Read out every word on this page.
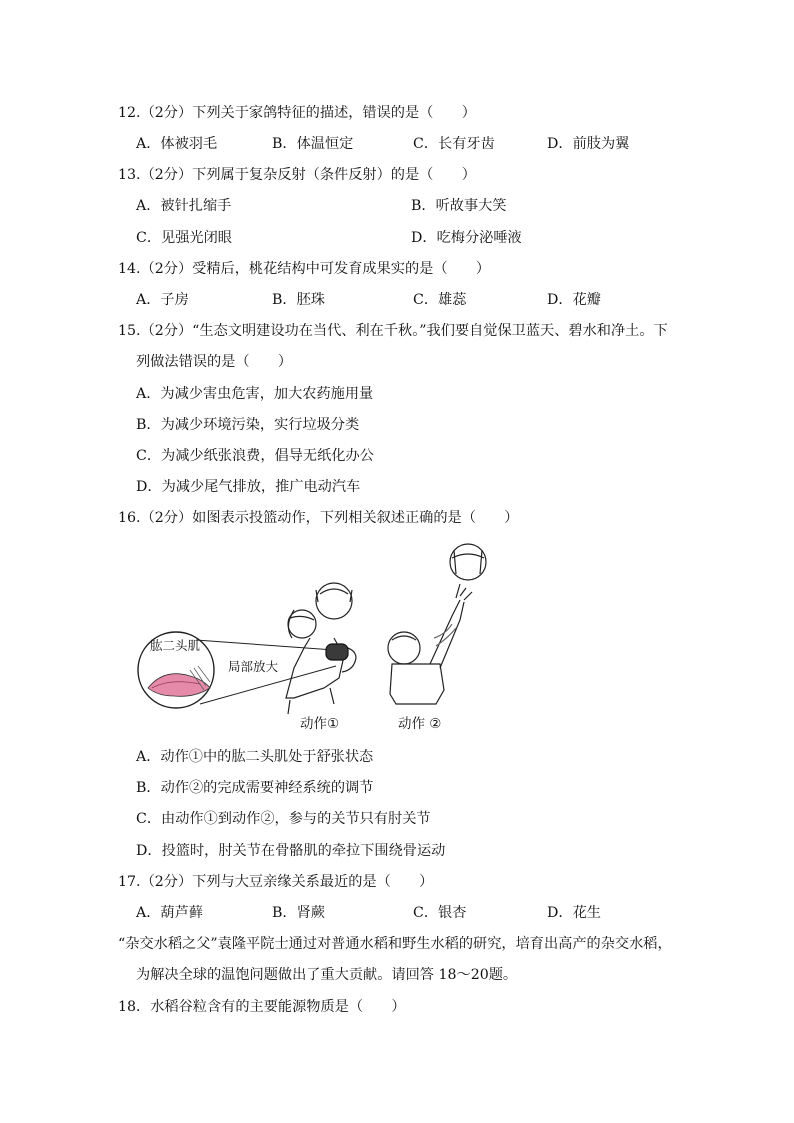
12.（2分）下列关于家鸽特征的描述，错误的是（　　）
A．体被羽毛	B．体温恒定	C．长有牙齿	D．前肢为翼
13.（2分）下列属于复杂反射（条件反射）的是（　　）
A．被针扎缩手	B．听故事大笑
C．见强光闭眼	D．吃梅分泌唾液
14.（2分）受精后，桃花结构中可发育成果实的是（　　）
A．子房	B．胚珠	C．雄蕊	D．花瓣
15.（2分）“生态文明建设功在当代、利在千秋。”我们要自觉保卫蓝天、碧水和净土。下
列做法错误的是（　　）
A．为减少害虫危害，加大农药施用量
B．为减少环境污染，实行垃圾分类
C．为减少纸张浪费，倡导无纸化办公
D．为减少尾气排放，推广电动汽车
16.（2分）如图表示投篮动作，下列相关叙述正确的是（　　）
肱二头肌
局部放大
动作①	动作 ②
A．动作①中的肱二头肌处于舒张状态
B．动作②的完成需要神经系统的调节
C．由动作①到动作②，参与的关节只有肘关节
D．投篮时，肘关节在骨骼肌的牵拉下围绕骨运动
17.（2分）下列与大豆亲缘关系最近的是（　　）
A．葫芦藓	B．肾蕨	C．银杏	D．花生
“杂交水稻之父”袁隆平院士通过对普通水稻和野生水稻的研究，培育出高产的杂交水稻，
为解决全球的温饱问题做出了重大贡献。请回答 18～20题。
18．水稻谷粒含有的主要能源物质是（　　）
